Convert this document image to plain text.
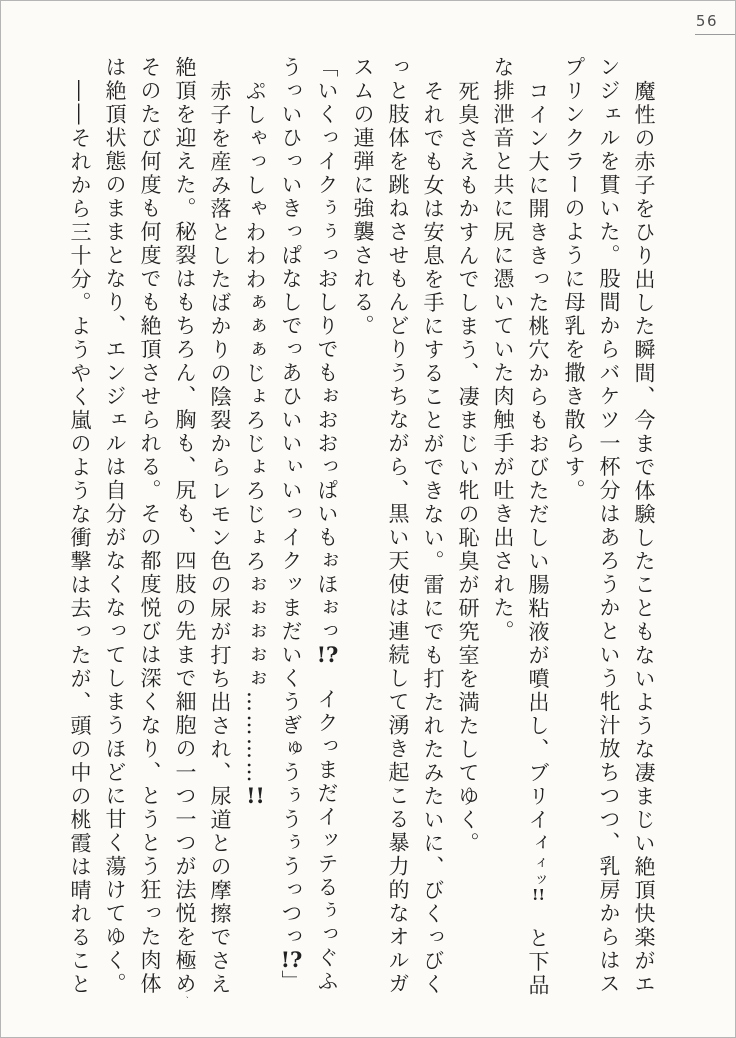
56

魔性の赤子をひり出した瞬間、今まで体験したこともないような凄まじい絶頂快楽がエンジェルを貫いた。股間からバケツ一杯分はあろうかという牝汁放ちつつ、乳房からはスプリンクラーのように母乳を撒き散らす。

コイン大に開ききった桃穴からもおびただしい腸粘液が噴出し、ブリイィィッ!!　と下品な排泄音と共に尻に憑いていた肉触手が吐き出された。

死臭さえもかすんでしまう、凄まじい牝の恥臭が研究室を満たしてゆく。

それでも女は安息を手にすることができない。雷にでも打たれたみたいに、びくっびくっと肢体を跳ねさせもんどりうちながら、黒い天使は連続して湧き起こる暴力的なオルガスムの連弾に強襲される。

「いくっイクぅぅっおしりでもぉおおっぱいもぉほぉっ!?　イクっまだイッテるぅっぐふうっいひっいきっぱなしでっあひいいぃいっイクッまだいくうぎゅうぅうぅうっつっ!?」

ぷしゃっしゃわわわぁぁぁじょろじょろじょろぉぉぉぉぉ…………!!

赤子を産み落としたばかりの陰裂からレモン色の尿が打ち出され、尿道との摩擦でさえ絶頂を迎えた。秘裂はもちろん、胸も、尻も、四肢の先まで細胞の一つ一つが法悦を極め、そのたび何度も何度でも絶頂させられる。その都度悦びは深くなり、とうとう狂った肉体は絶頂状態のままとなり、エンジェルは自分がなくなってしまうほどに甘く蕩けてゆく。

――それから三十分。ようやく嵐のような衝撃は去ったが、頭の中の桃霞は晴れること
